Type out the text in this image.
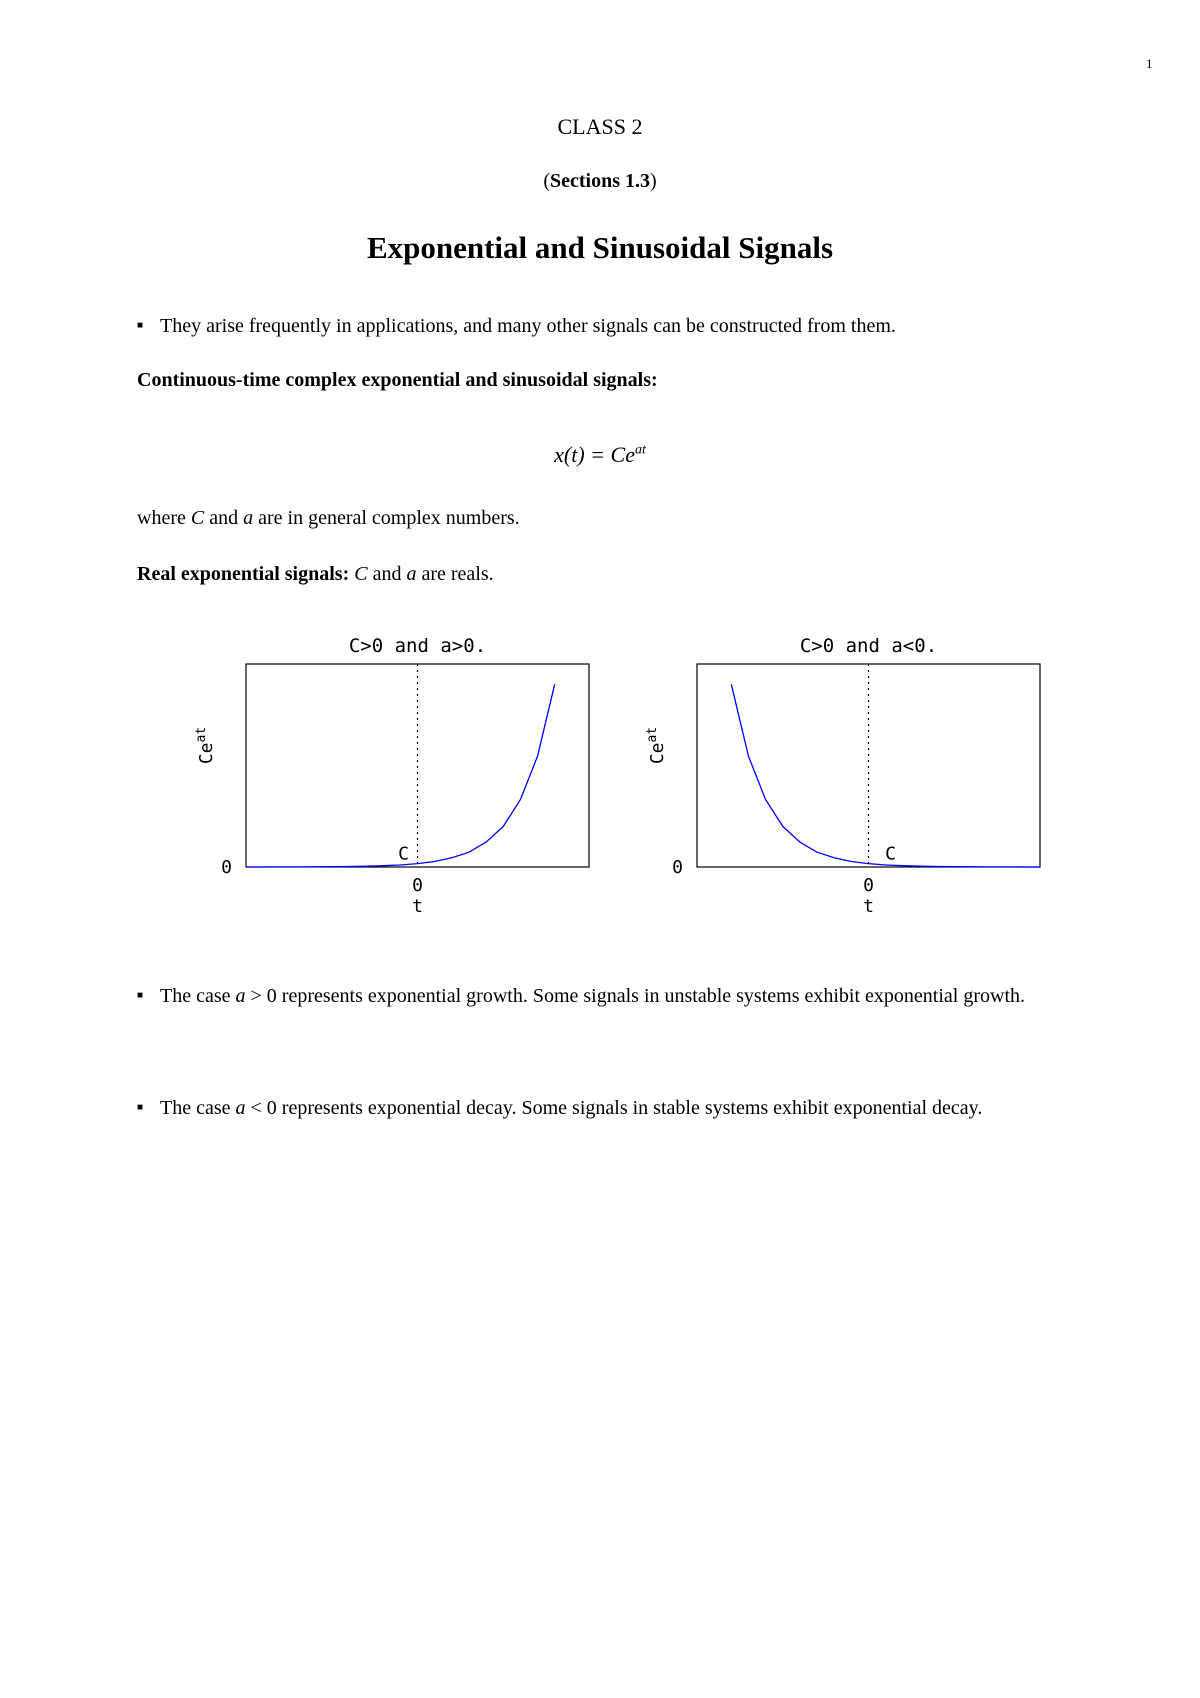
1
CLASS 2
(Sections 1.3)
Exponential and Sinusoidal Signals
■ They arise frequently in applications, and many other signals can be constructed from them.
Continuous-time complex exponential and sinusoidal signals:
$x(t) = Ce^{at}$
where C and a are in general complex numbers.
Real exponential signals: C and a are reals.
C>0 and a>0.
0
t
0
$Ce^{at}$
C
C>0 and a<0.
0
t
0
$Ce^{at}$
C
■ The case a > 0 represents exponential growth. Some signals in unstable systems exhibit exponential growth.
■ The case a < 0 represents exponential decay. Some signals in stable systems exhibit exponential decay.
